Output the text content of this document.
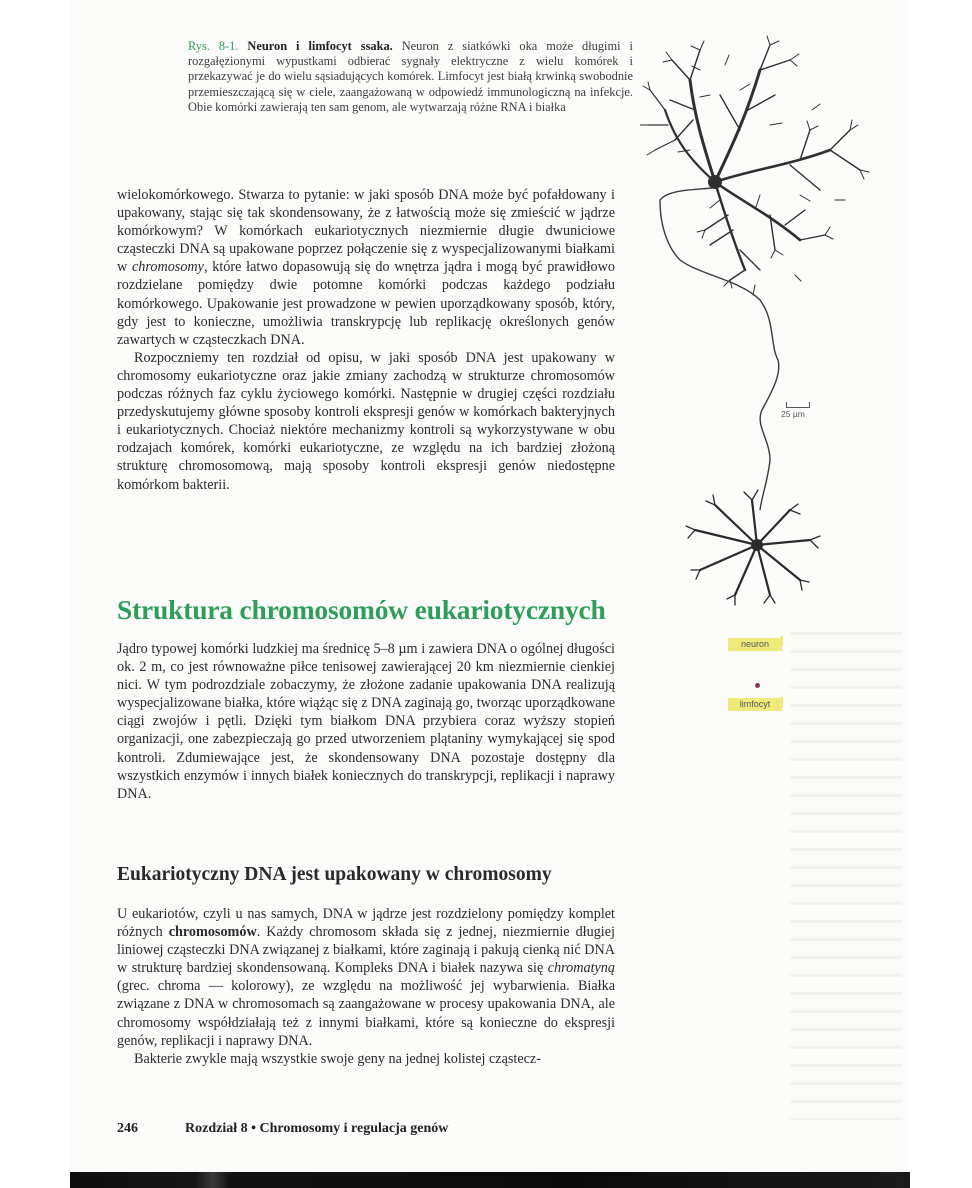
Rys. 8-1. Neuron i limfocyt ssaka. Neuron z siatkówki oka może długimi i rozgałęzionymi wypustkami odbierać sygnały elektryczne z wielu komórek i przekazywać je do wielu sąsiadujących komórek. Limfocyt jest białą krwinką swobodnie przemieszczającą się w ciele, zaangażowaną w odpowiedź immunologiczną na infekcje. Obie komórki zawierają ten sam genom, ale wytwarzają różne RNA i białka

wielokomórkowego. Stwarza to pytanie: w jaki sposób DNA może być pofałdowany i upakowany, stając się tak skondensowany, że z łatwością może się zmieścić w jądrze komórkowym? W komórkach eukariotycznych niezmiernie długie dwuniciowe cząsteczki DNA są upakowane poprzez połączenie się z wyspecjalizowanymi białkami w chromosomy, które łatwo dopasowują się do wnętrza jądra i mogą być prawidłowo rozdzielane pomiędzy dwie potomne komórki podczas każdego podziału komórkowego. Upakowanie jest prowadzone w pewien uporządkowany sposób, który, gdy jest to konieczne, umożliwia transkrypcję lub replikację określonych genów zawartych w cząsteczkach DNA.

Rozpoczniemy ten rozdział od opisu, w jaki sposób DNA jest upakowany w chromosomy eukariotyczne oraz jakie zmiany zachodzą w strukturze chromosomów podczas różnych faz cyklu życiowego komórki. Następnie w drugiej części rozdziału przedyskutujemy główne sposoby kontroli ekspresji genów w komórkach bakteryjnych i eukariotycznych. Chociaż niektóre mechanizmy kontroli są wykorzystywane w obu rodzajach komórek, komórki eukariotyczne, ze względu na ich bardziej złożoną strukturę chromosomową, mają sposoby kontroli ekspresji genów niedostępne komórkom bakterii.

Struktura chromosomów eukariotycznych

Jądro typowej komórki ludzkiej ma średnicę 5–8 µm i zawiera DNA o ogólnej długości ok. 2 m, co jest równoważne piłce tenisowej zawierającej 20 km niezmiernie cienkiej nici. W tym podrozdziale zobaczymy, że złożone zadanie upakowania DNA realizują wyspecjalizowane białka, które wiążąc się z DNA zaginają go, tworząc uporządkowane ciągi zwojów i pętli. Dzięki tym białkom DNA przybiera coraz wyższy stopień organizacji, one zabezpieczają go przed utworzeniem plątaniny wymykającej się spod kontroli. Zdumiewające jest, że skondensowany DNA pozostaje dostępny dla wszystkich enzymów i innych białek koniecznych do transkrypcji, replikacji i naprawy DNA.

Eukariotyczny DNA jest upakowany w chromosomy

U eukariotów, czyli u nas samych, DNA w jądrze jest rozdzielony pomiędzy komplet różnych chromosomów. Każdy chromosom składa się z jednej, niezmiernie długiej liniowej cząsteczki DNA związanej z białkami, które zaginają i pakują cienką nić DNA w strukturę bardziej skondensowaną. Kompleks DNA i białek nazywa się chromatyną (grec. chroma — kolorowy), ze względu na możliwość jej wybarwienia. Białka związane z DNA w chromosomach są zaangażowane w procesy upakowania DNA, ale chromosomy współdziałają też z innymi białkami, które są konieczne do ekspresji genów, replikacji i naprawy DNA.

Bakterie zwykle mają wszystkie swoje geny na jednej kolistej cząstecz-

246	Rozdział 8 • Chromosomy i regulacja genów
25 µm
neuron
limfocyt
